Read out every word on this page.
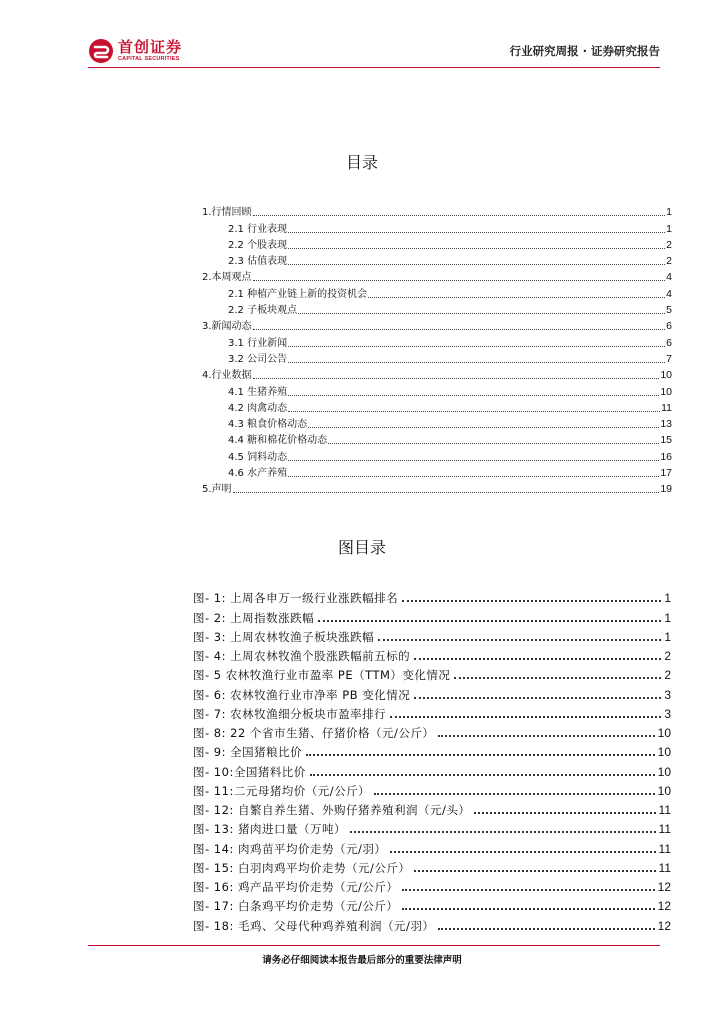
首创证券
CAPITAL SECURITIES
行业研究周报 · 证券研究报告
目录
1.行情回顾	1
2.1 行业表现	1
2.2 个股表现	2
2.3 估值表现	2
2.本周观点	4
2.1 种植产业链上新的投资机会	4
2.2 子板块观点	5
3.新闻动态	6
3.1 行业新闻	6
3.2 公司公告	7
4.行业数据	10
4.1 生猪养殖	10
4.2 肉禽动态	11
4.3 粮食价格动态	13
4.4 糖和棉花价格动态	15
4.5 饲料动态	16
4.6 水产养殖	17
5.声明	19
图目录
图- 1: 上周各申万一级行业涨跌幅排名	1
图- 2: 上周指数涨跌幅	1
图- 3: 上周农林牧渔子板块涨跌幅	1
图- 4: 上周农林牧渔个股涨跌幅前五标的	2
图- 5 农林牧渔行业市盈率 PE（TTM）变化情况	2
图- 6: 农林牧渔行业市净率 PB 变化情况	3
图- 7: 农林牧渔细分板块市盈率排行	3
图- 8: 22 个省市生猪、仔猪价格（元/公斤）	10
图- 9: 全国猪粮比价	10
图- 10:全国猪料比价	10
图- 11:二元母猪均价（元/公斤）	10
图- 12: 自繁自养生猪、外购仔猪养殖利润（元/头）	11
图- 13: 猪肉进口量（万吨）	11
图- 14: 肉鸡苗平均价走势（元/羽）	11
图- 15: 白羽肉鸡平均价走势（元/公斤）	11
图- 16: 鸡产品平均价走势（元/公斤）	12
图- 17: 白条鸡平均价走势（元/公斤）	12
图- 18: 毛鸡、父母代种鸡养殖利润（元/羽）	12
请务必仔细阅读本报告最后部分的重要法律声明
